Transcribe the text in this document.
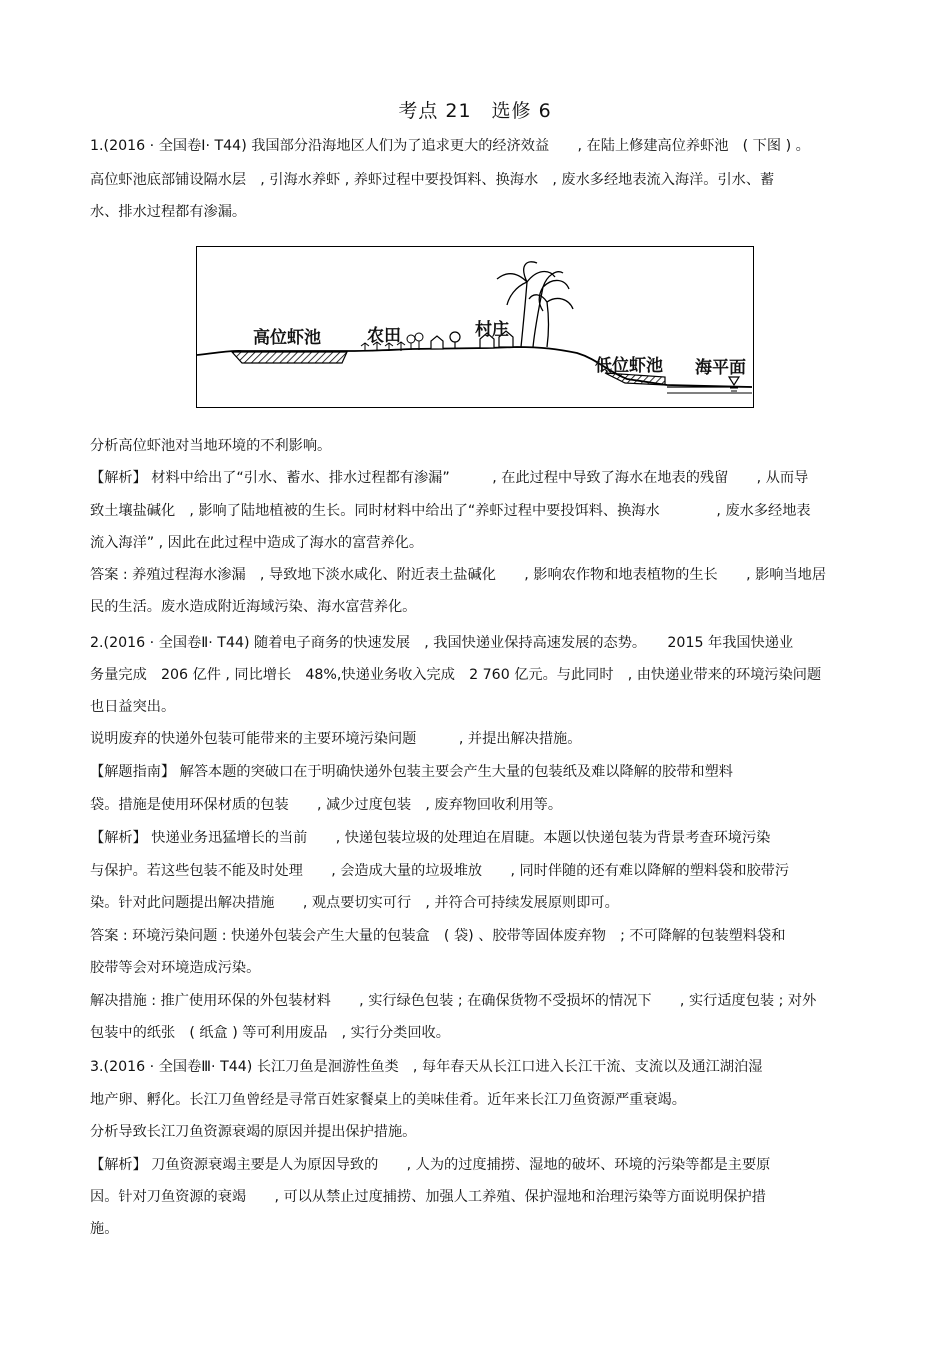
考点 21　选修 6
1.(2016 · 全国卷Ⅰ· T44) 我国部分沿海地区人们为了追求更大的经济效益　　, 在陆上修建高位养虾池　( 下图 ) 。
高位虾池底部铺设隔水层　, 引海水养虾 , 养虾过程中要投饵料、换海水　, 废水多经地表流入海洋。引水、蓄
水、排水过程都有渗漏。
高位虾池	农田	村庄
低位虾池 海平面
分析高位虾池对当地环境的不利影响。
【解析】 材料中给出了“引水、蓄水、排水过程都有渗漏”　　　, 在此过程中导致了海水在地表的残留　　, 从而导
致土壤盐碱化　, 影响了陆地植被的生长。同时材料中给出了“养虾过程中要投饵料、换海水　　　　, 废水多经地表
流入海洋” , 因此在此过程中造成了海水的富营养化。
答案 : 养殖过程海水渗漏　, 导致地下淡水咸化、附近表土盐碱化　　, 影响农作物和地表植物的生长　　, 影响当地居
民的生活。废水造成附近海域污染、海水富营养化。
2.(2016 · 全国卷Ⅱ· T44) 随着电子商务的快速发展　, 我国快递业保持高速发展的态势。　　2015 年我国快递业
务量完成　206 亿件 , 同比增长　48%,快递业务收入完成　2 760 亿元。与此同时　, 由快递业带来的环境污染问题
也日益突出。
说明废弃的快递外包装可能带来的主要环境污染问题　　　, 并提出解决措施。
【解题指南】 解答本题的突破口在于明确快递外包装主要会产生大量的包装纸及难以降解的胶带和塑料
袋。措施是使用环保材质的包装　　, 减少过度包装　, 废弃物回收利用等。
【解析】 快递业务迅猛增长的当前　　, 快递包装垃圾的处理迫在眉睫。本题以快递包装为背景考查环境污染
与保护。若这些包装不能及时处理　　, 会造成大量的垃圾堆放　　, 同时伴随的还有难以降解的塑料袋和胶带污
染。针对此问题提出解决措施　　, 观点要切实可行　, 并符合可持续发展原则即可。
答案 : 环境污染问题 : 快递外包装会产生大量的包装盒　( 袋) 、胶带等固体废弃物　; 不可降解的包装塑料袋和
胶带等会对环境造成污染。
解决措施 : 推广使用环保的外包装材料　　, 实行绿色包装 ; 在确保货物不受损坏的情况下　　, 实行适度包装 ; 对外
包装中的纸张　( 纸盒 ) 等可利用废品　, 实行分类回收。
3.(2016 · 全国卷Ⅲ· T44) 长江刀鱼是洄游性鱼类　, 每年春天从长江口进入长江干流、支流以及通江湖泊湿
地产卵、孵化。长江刀鱼曾经是寻常百姓家餐桌上的美味佳肴。近年来长江刀鱼资源严重衰竭。
分析导致长江刀鱼资源衰竭的原因并提出保护措施。
【解析】 刀鱼资源衰竭主要是人为原因导致的　　, 人为的过度捕捞、湿地的破坏、环境的污染等都是主要原
因。针对刀鱼资源的衰竭　　, 可以从禁止过度捕捞、加强人工养殖、保护湿地和治理污染等方面说明保护措
施。
